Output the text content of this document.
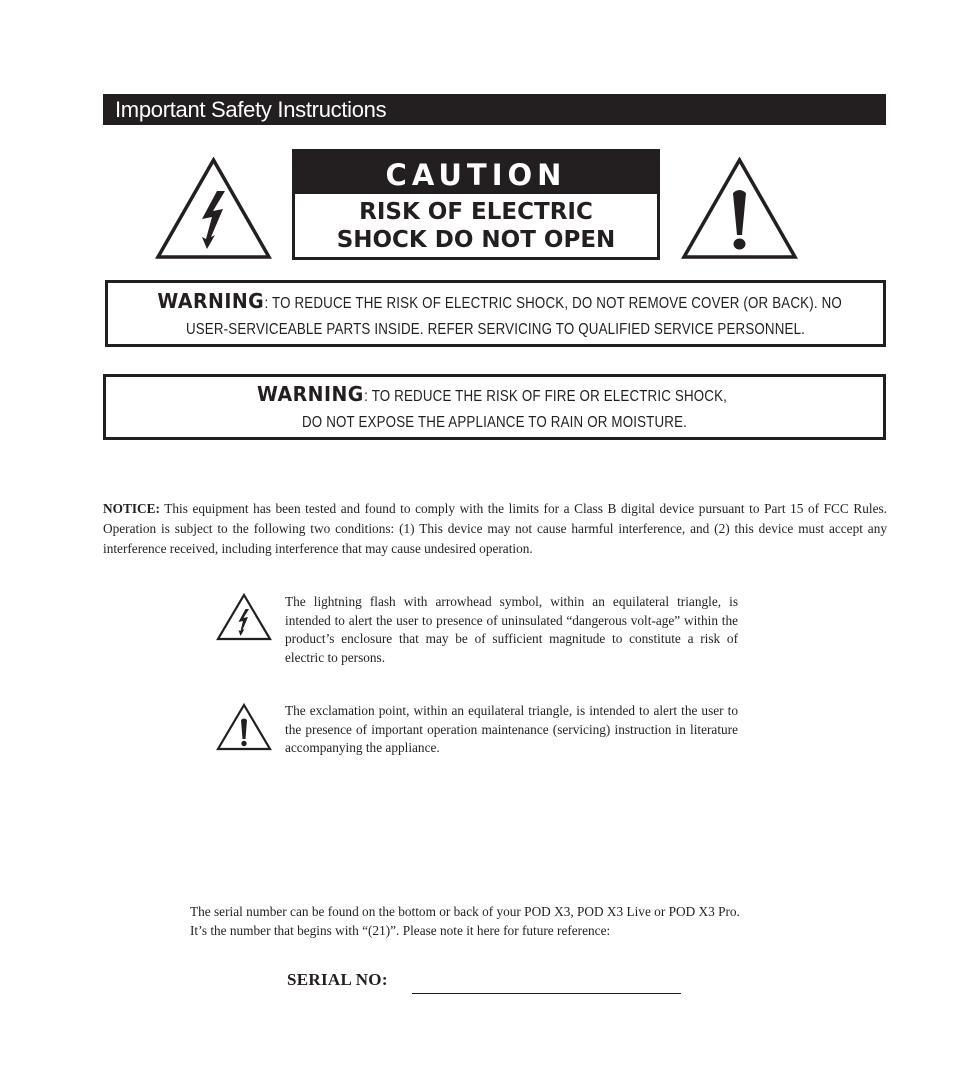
Important Safety Instructions
CAUTION
RISK OF ELECTRIC
SHOCK DO NOT OPEN
WARNING: TO REDUCE THE RISK OF ELECTRIC SHOCK, DO NOT REMOVE COVER (OR BACK). NO
USER-SERVICEABLE PARTS INSIDE. REFER SERVICING TO QUALIFIED SERVICE PERSONNEL.
WARNING: TO REDUCE THE RISK OF FIRE OR ELECTRIC SHOCK,
DO NOT EXPOSE THE APPLIANCE TO RAIN OR MOISTURE.
NOTICE: This equipment has been tested and found to comply with the limits for a Class B digital device pursuant to Part 15 of FCC Rules. Operation is subject to the following two conditions: (1) This device may not cause harmful interference, and (2) this device must accept any interference received, including interference that may cause undesired operation.
The lightning flash with arrowhead symbol, within an equilateral triangle, is intended to alert the user to presence of uninsulated “dangerous volt-age” within the product’s enclosure that may be of sufficient magnitude to constitute a risk of electric to persons.
The exclamation point, within an equilateral triangle, is intended to alert the user to the presence of important operation maintenance (servicing) instruction in literature accompanying the appliance.
The serial number can be found on the bottom or back of your POD X3, POD X3 Live or POD X3 Pro.
It’s the number that begins with “(21)”. Please note it here for future reference:
SERIAL NO:
